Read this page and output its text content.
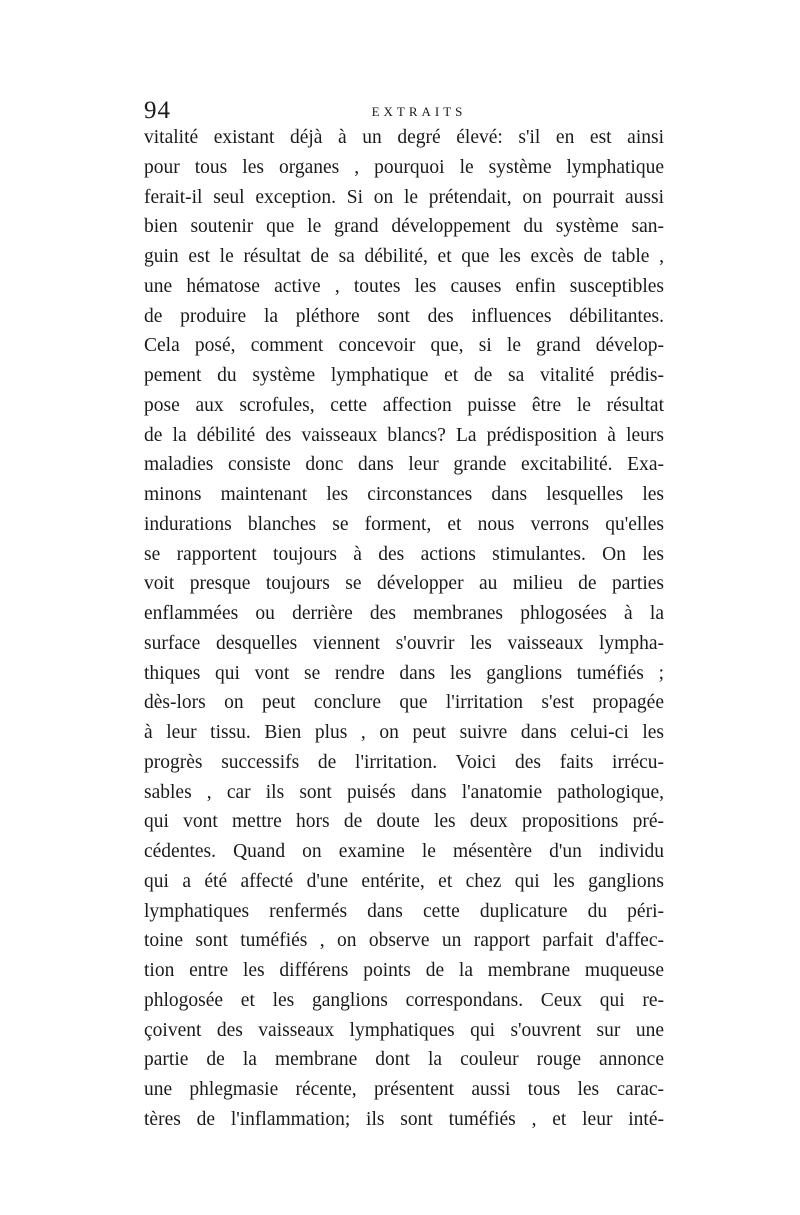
94	EXTRAITS
vitalité existant déjà à un degré élevé: s'il en est ainsi
pour tous les organes , pourquoi le système lymphatique
ferait-il seul exception. Si on le prétendait, on pourrait aussi
bien soutenir que le grand développement du système san-
guin est le résultat de sa débilité, et que les excès de table ,
une hématose active , toutes les causes enfin susceptibles
de produire la pléthore sont des influences débilitantes.
Cela posé, comment concevoir que, si le grand dévelop-
pement du système lymphatique et de sa vitalité prédis-
pose aux scrofules, cette affection puisse être le résultat
de la débilité des vaisseaux blancs? La prédisposition à leurs
maladies consiste donc dans leur grande excitabilité. Exa-
minons maintenant les circonstances dans lesquelles les
indurations blanches se forment, et nous verrons qu'elles
se rapportent toujours à des actions stimulantes. On les
voit presque toujours se développer au milieu de parties
enflammées ou derrière des membranes phlogosées à la
surface desquelles viennent s'ouvrir les vaisseaux lympha-
thiques qui vont se rendre dans les ganglions tuméfiés ;
dès-lors on peut conclure que l'irritation s'est propagée
à leur tissu. Bien plus , on peut suivre dans celui-ci les
progrès successifs de l'irritation. Voici des faits irrécu-
sables , car ils sont puisés dans l'anatomie pathologique,
qui vont mettre hors de doute les deux propositions pré-
cédentes. Quand on examine le mésentère d'un individu
qui a été affecté d'une entérite, et chez qui les ganglions
lymphatiques renfermés dans cette duplicature du péri-
toine sont tuméfiés , on observe un rapport parfait d'affec-
tion entre les différens points de la membrane muqueuse
phlogosée et les ganglions correspondans. Ceux qui re-
çoivent des vaisseaux lymphatiques qui s'ouvrent sur une
partie de la membrane dont la couleur rouge annonce
une phlegmasie récente, présentent aussi tous les carac-
tères de l'inflammation; ils sont tuméfiés , et leur inté-
